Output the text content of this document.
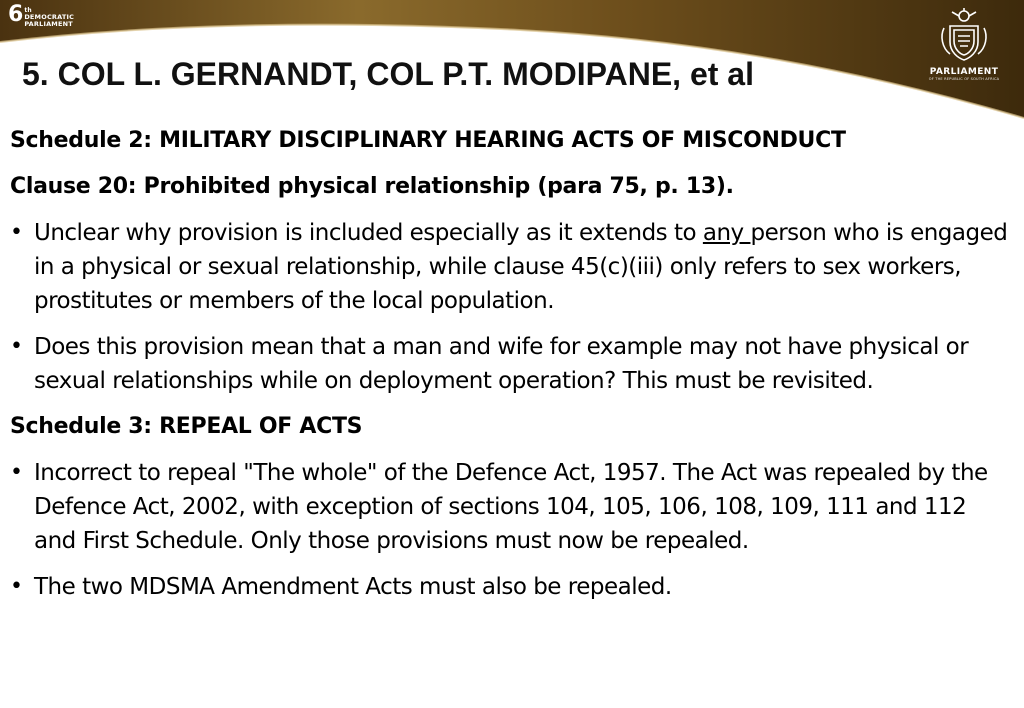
6 th
DEMOCRATIC
PARLIAMENT
PARLIAMENT
OF THE REPUBLIC OF SOUTH AFRICA
5. COL L. GERNANDT, COL P.T. MODIPANE, et al
Schedule 2: MILITARY DISCIPLINARY HEARING ACTS OF MISCONDUCT
Clause 20: Prohibited physical relationship (para 75, p. 13).
• Unclear why provision is included especially as it extends to any person who is engaged in a physical or sexual relationship, while clause 45(c)(iii) only refers to sex workers, prostitutes or members of the local population.
• Does this provision mean that a man and wife for example may not have physical or sexual relationships while on deployment operation? This must be revisited.
Schedule 3: REPEAL OF ACTS
• Incorrect to repeal "The whole" of the Defence Act, 1957. The Act was repealed by the Defence Act, 2002, with exception of sections 104, 105, 106, 108, 109, 111 and 112 and First Schedule. Only those provisions must now be repealed.
• The two MDSMA Amendment Acts must also be repealed.
